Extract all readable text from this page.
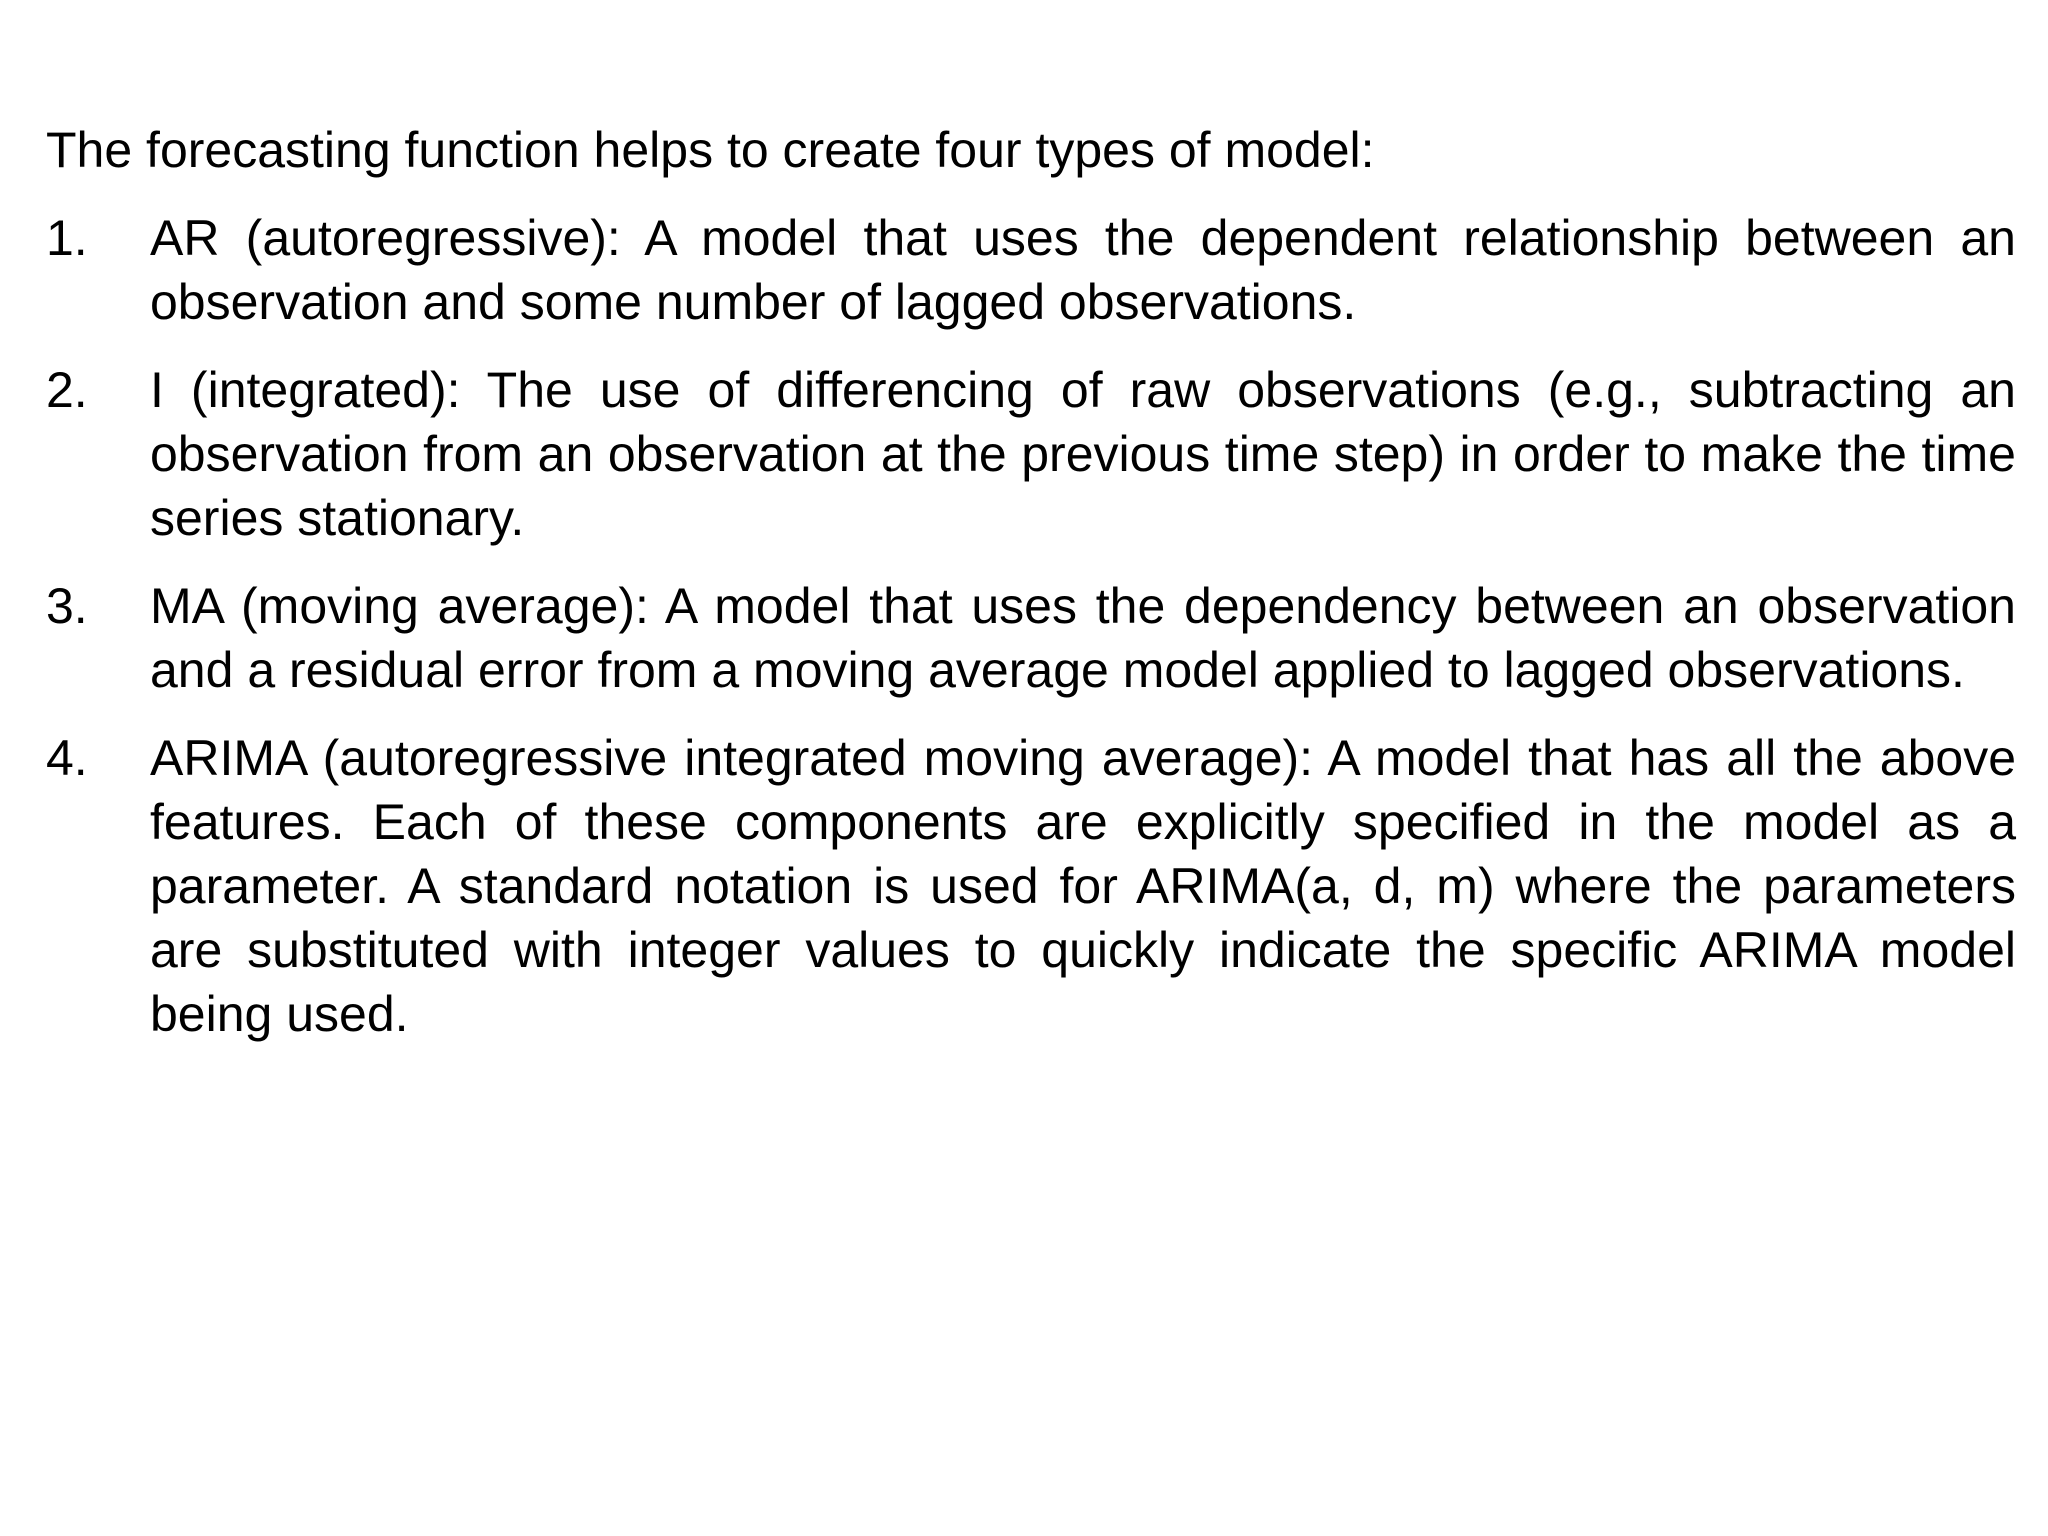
The forecasting function helps to create four types of model:

1.	AR (autoregressive): A model that uses the dependent relationship between an observation and some number of lagged observations.
2.	I (integrated): The use of differencing of raw observations (e.g., subtracting an observation from an observation at the previous time step) in order to make the time series stationary.
3.	MA (moving average): A model that uses the dependency between an observation and a residual error from a moving average model applied to lagged observations.
4.	ARIMA (autoregressive integrated moving average): A model that has all the above features. Each of these components are explicitly specified in the model as a parameter. A standard notation is used for ARIMA(a, d, m) where the parameters are substituted with integer values to quickly indicate the specific ARIMA model being used.
